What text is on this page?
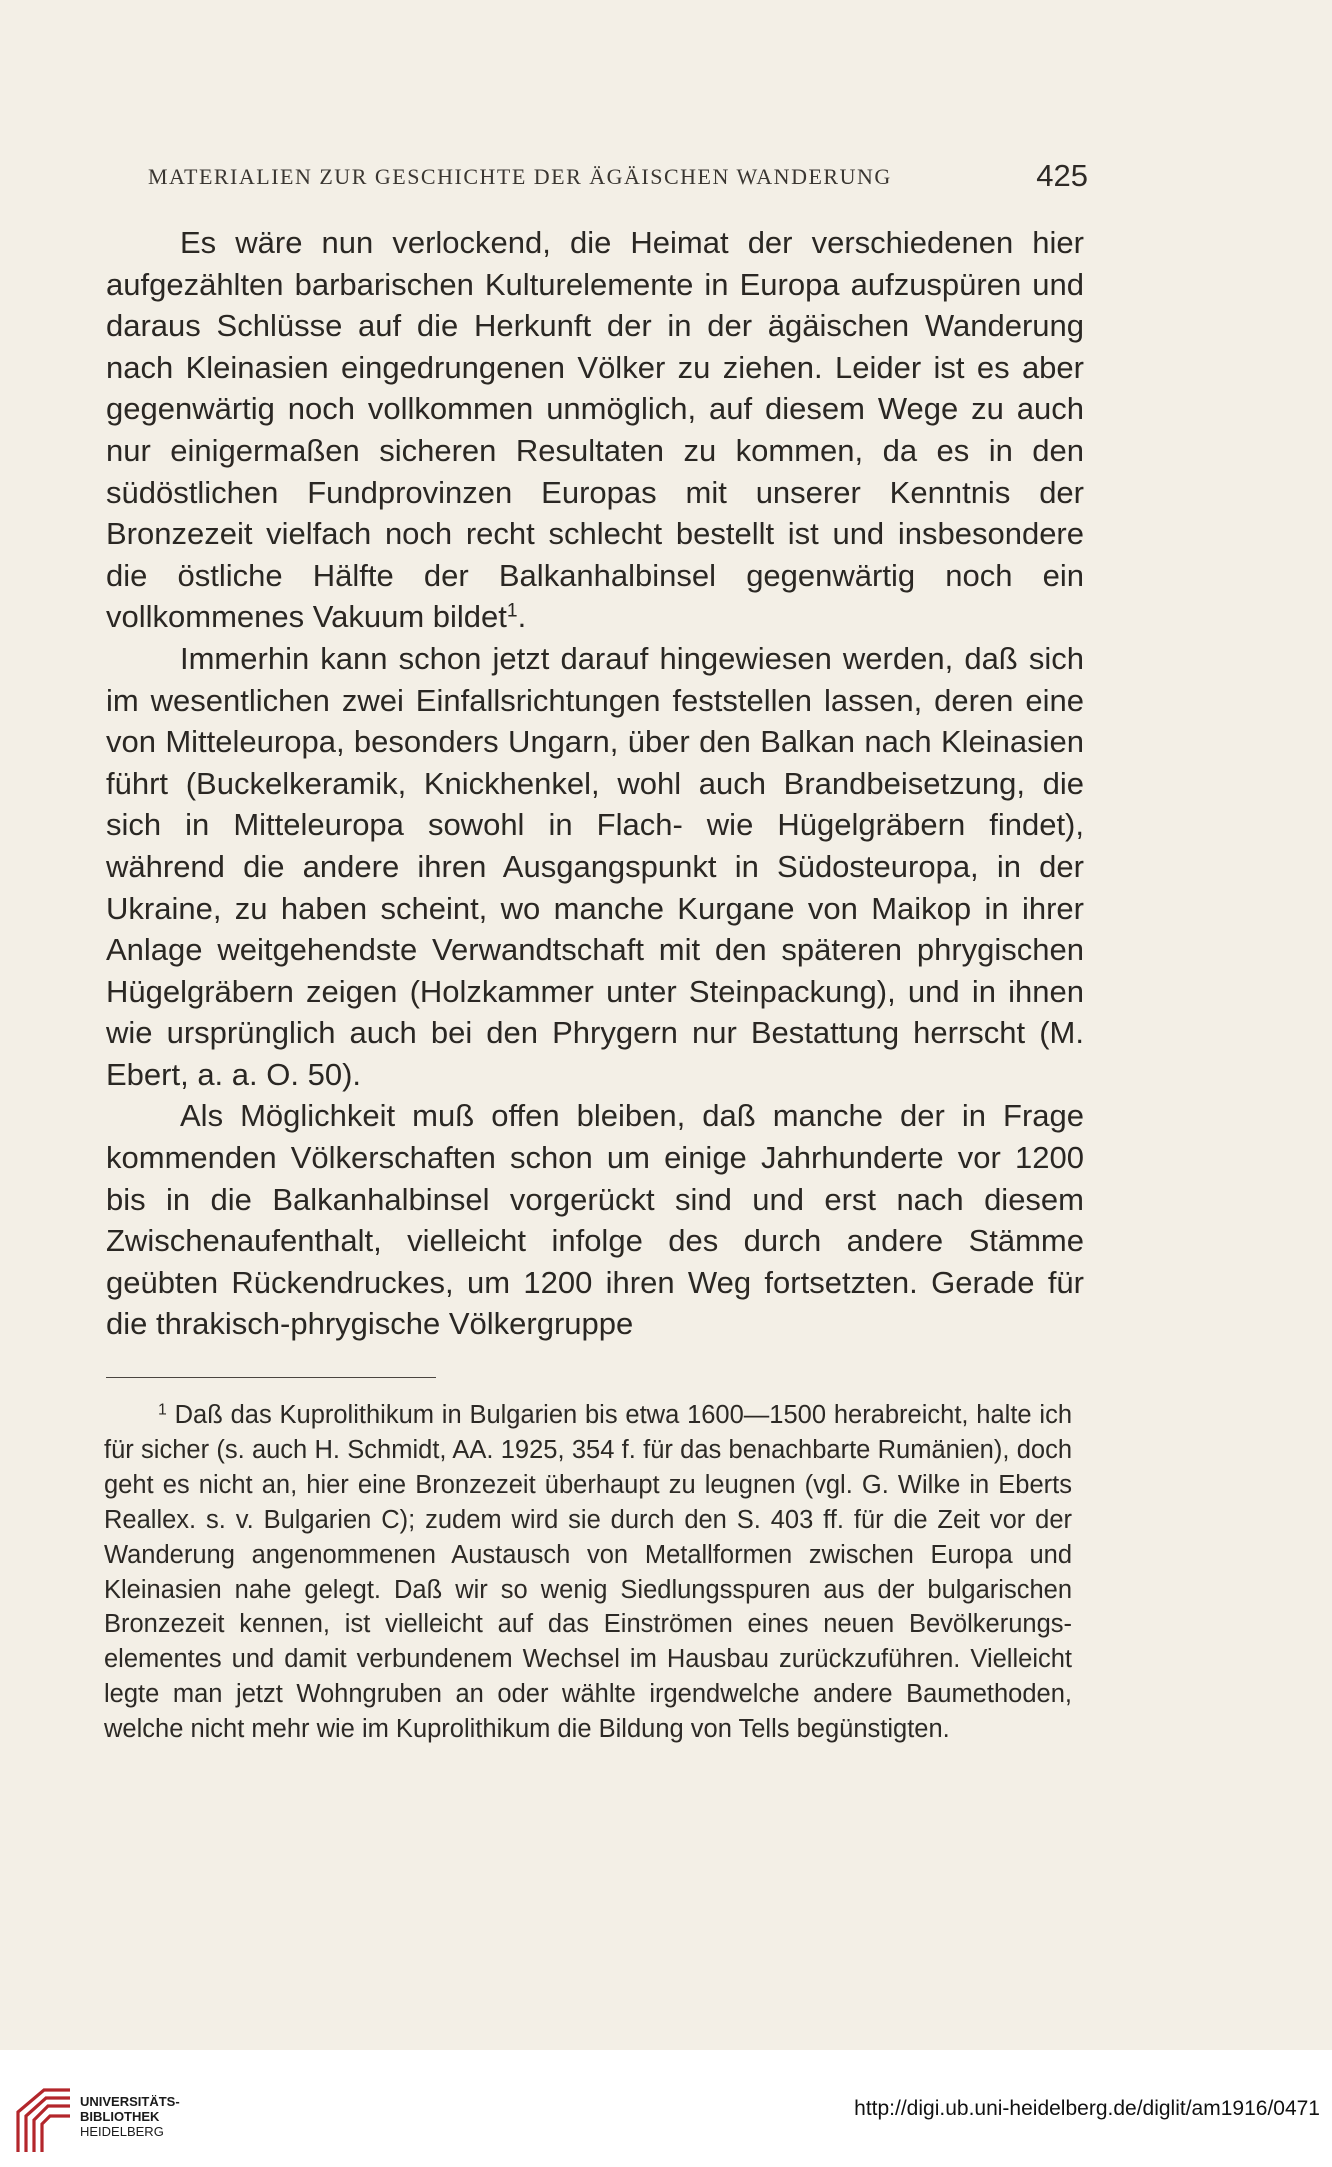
MATERIALIEN ZUR GESCHICHTE DER ÄGÄISCHEN WANDERUNG	425

Es wäre nun verlockend, die Heimat der verschiedenen hier aufgezählten barbarischen Kulturelemente in Europa aufzuspüren und daraus Schlüsse auf die Herkunft der in der ägäischen Wanderung nach Kleinasien eingedrungenen Völker zu ziehen. Leider ist es aber gegenwärtig noch vollkommen unmöglich, auf diesem Wege zu auch nur einigermaßen sicheren Resultaten zu kommen, da es in den südöstlichen Fundprovinzen Europas mit unserer Kenntnis der Bronzezeit vielfach noch recht schlecht bestellt ist und insbesondere die östliche Hälfte der Balkanhalbinsel gegenwärtig noch ein vollkommenes Vakuum bildet$^1$.

Immerhin kann schon jetzt darauf hingewiesen werden, daß sich im wesentlichen zwei Einfallsrichtungen feststellen lassen, deren eine von Mitteleuropa, besonders Ungarn, über den Balkan nach Kleinasien führt (Buckelkeramik, Knickhenkel, wohl auch Brandbeisetzung, die sich in Mitteleuropa sowohl in Flach- wie Hügelgräbern findet), während die andere ihren Ausgangspunkt in Südosteuropa, in der Ukraine, zu haben scheint, wo manche Kurgane von Maikop in ihrer Anlage weitgehendste Verwandtschaft mit den späteren phrygischen Hügelgräbern zeigen (Holzkammer unter Steinpackung), und in ihnen wie ursprünglich auch bei den Phrygern nur Bestattung herrscht (M. Ebert, a. a. O. 50).

Als Möglichkeit muß offen bleiben, daß manche der in Frage kommenden Völkerschaften schon um einige Jahrhunderte vor 1200 bis in die Balkanhalbinsel vorgerückt sind und erst nach diesem Zwischenaufenthalt, vielleicht infolge des durch andere Stämme geübten Rückendruckes, um 1200 ihren Weg fortsetzten. Gerade für die thrakisch-phrygische Völkergruppe

$^1$ Daß das Kuprolithikum in Bulgarien bis etwa 1600—1500 herabreicht, halte ich für sicher (s. auch H. Schmidt, AA. 1925, 354 f. für das benachbarte Rumänien), doch geht es nicht an, hier eine Bronzezeit überhaupt zu leugnen (vgl. G. Wilke in Eberts Reallex. s. v. Bulgarien C); zudem wird sie durch den S. 403 ff. für die Zeit vor der Wanderung angenommenen Austausch von Metallformen zwischen Europa und Kleinasien nahe gelegt. Daß wir so wenig Siedlungsspuren aus der bulgarischen Bronzezeit kennen, ist vielleicht auf das Einströmen eines neuen Bevölkerungselementes und damit verbundenem Wechsel im Hausbau zurückzuführen. Vielleicht legte man jetzt Wohngruben an oder wählte irgendwelche andere Baumethoden, welche nicht mehr wie im Kuprolithikum die Bildung von Tells begünstigten.

UNIVERSITÄTS-
BIBLIOTHEK
HEIDELBERG
http://digi.ub.uni-heidelberg.de/diglit/am1916/0471
